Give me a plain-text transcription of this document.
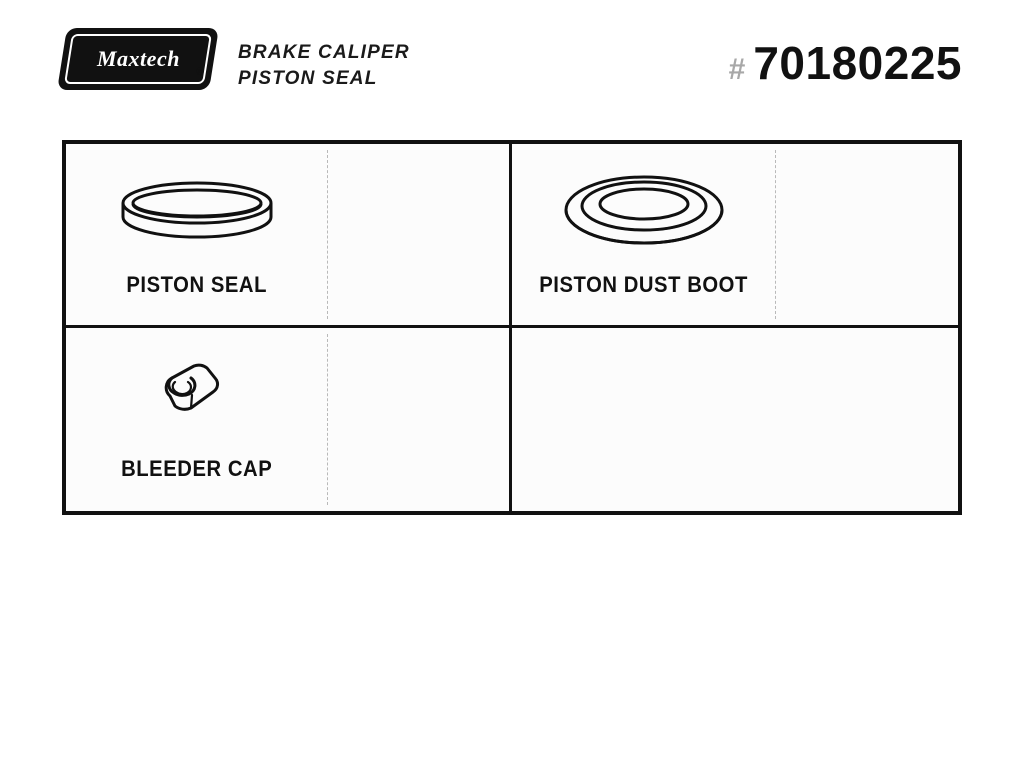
Maxtech
®
BRAKE CALIPER
PISTON SEAL	# 70180225
PISTON SEAL	PISTON DUST BOOT
BLEEDER CAP
